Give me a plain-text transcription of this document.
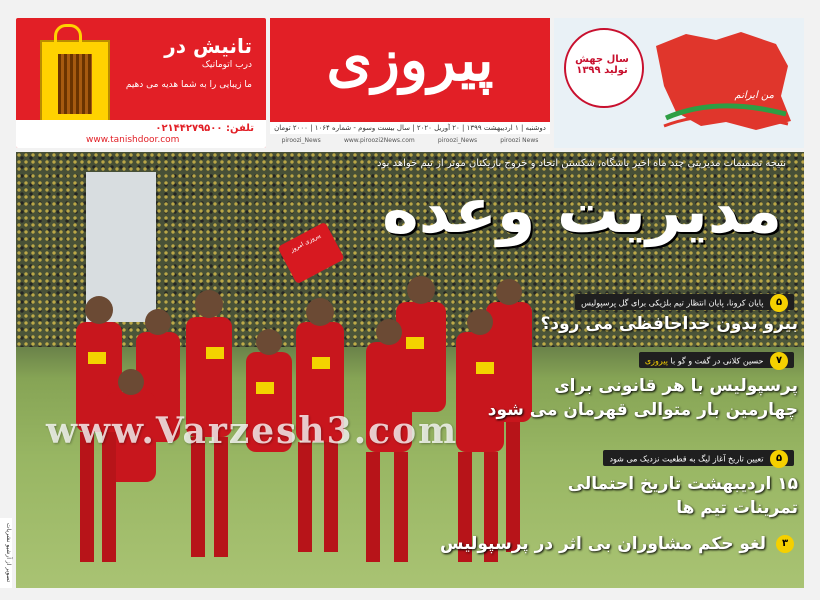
تانیش در
درب اتوماتیک
ما زیبایی را به شما هدیه می دهیم
تلفن: ۰۲۱۴۴۲۷۹۵۰۰
www.tanishdoor.com
پیروزی
دوشنبه | ۱ اردیبهشت ۱۳۹۹ | ۲۰ آوریل ۲۰۲۰ | سال بیست وسوم - شماره ۱۰۶۴ | ۲۰۰۰ تومان
piroozi_News	www.piroozi2News.com	piroozi_News	piroozi News
سال جهش تولید ۱۳۹۹
من ایرانم
نتیجه تصمیمات مدیریتی چند ماه اخیر باشگاه، شکستن اتحاد و خروج بازیکنان موثر از تیم خواهد بود
مدیریت وعده
پیروزی امروز
۵ پایان کرونا، پایان انتظار تیم بلژیکی برای گل پرسپولیس
بیرو بدون خداحافظی می رود؟
۷ حسین کلانی در گفت و گو با پیروزی
پرسپولیس با هر قانونی برای
چهارمین بار متوالی قهرمان می شود
۵ تعیین تاریخ آغاز لیگ به قطعیت نزدیک می شود
۱۵ اردیبهشت تاریخ احتمالی
تمرینات تیم ها
۳ لغو حکم مشاوران بی اثر در پرسپولیس
www.Varzesh3.com
تصویر از آرشیو نشریات
